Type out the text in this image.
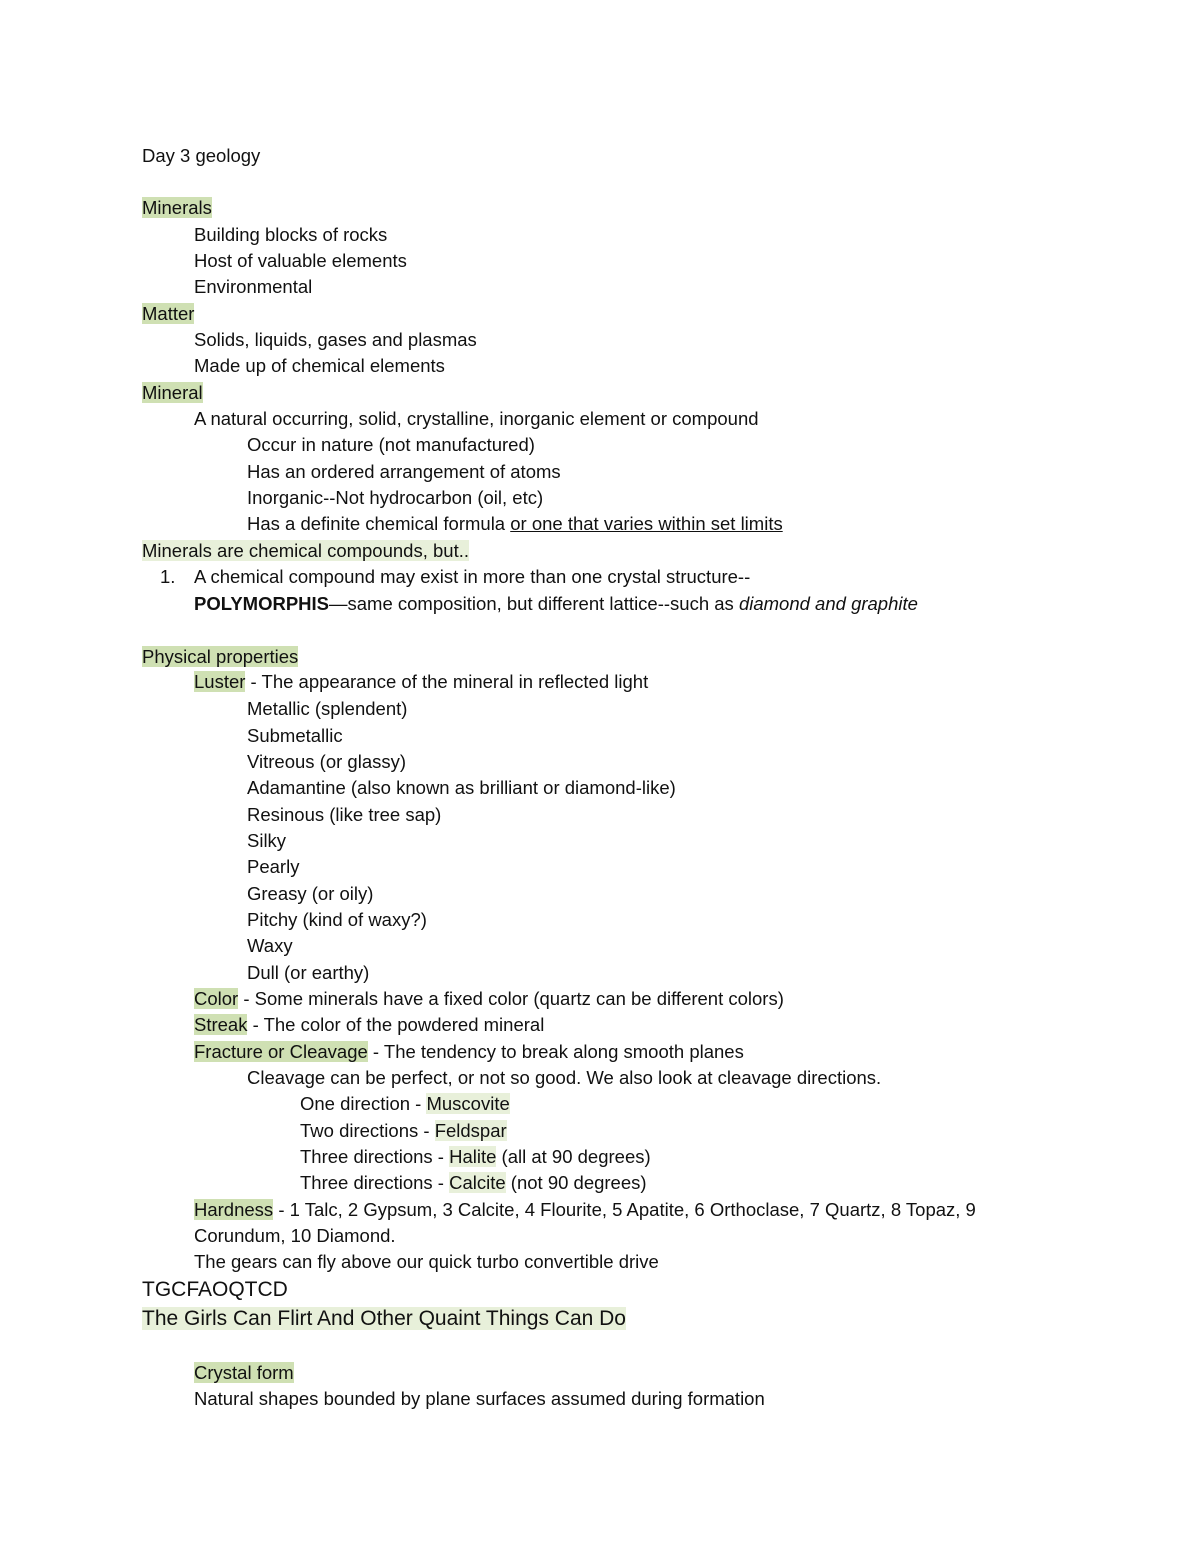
Day 3 geology
Minerals
Building blocks of rocks
Host of valuable elements
Environmental
Matter
Solids, liquids, gases and plasmas
Made up of chemical elements
Mineral
A natural occurring, solid, crystalline, inorganic element or compound
Occur in nature (not manufactured)
Has an ordered arrangement of atoms
Inorganic--Not hydrocarbon (oil, etc)
Has a definite chemical formula or one that varies within set limits
Minerals are chemical compounds, but..
1. A chemical compound may exist in more than one crystal structure--
POLYMORPHIS—same composition, but different lattice--such as diamond and graphite
Physical properties
Luster - The appearance of the mineral in reflected light
Metallic (splendent)
Submetallic
Vitreous (or glassy)
Adamantine (also known as brilliant or diamond-like)
Resinous (like tree sap)
Silky
Pearly
Greasy (or oily)
Pitchy (kind of waxy?)
Waxy
Dull (or earthy)
Color - Some minerals have a fixed color (quartz can be different colors)
Streak - The color of the powdered mineral
Fracture or Cleavage - The tendency to break along smooth planes
Cleavage can be perfect, or not so good. We also look at cleavage directions.
One direction - Muscovite
Two directions - Feldspar
Three directions - Halite (all at 90 degrees)
Three directions - Calcite (not 90 degrees)
Hardness - 1 Talc, 2 Gypsum, 3 Calcite, 4 Flourite, 5 Apatite, 6 Orthoclase, 7 Quartz, 8 Topaz, 9
Corundum, 10 Diamond.
The gears can fly above our quick turbo convertible drive
TGCFAOQTCD
The Girls Can Flirt And Other Quaint Things Can Do
Crystal form
Natural shapes bounded by plane surfaces assumed during formation
